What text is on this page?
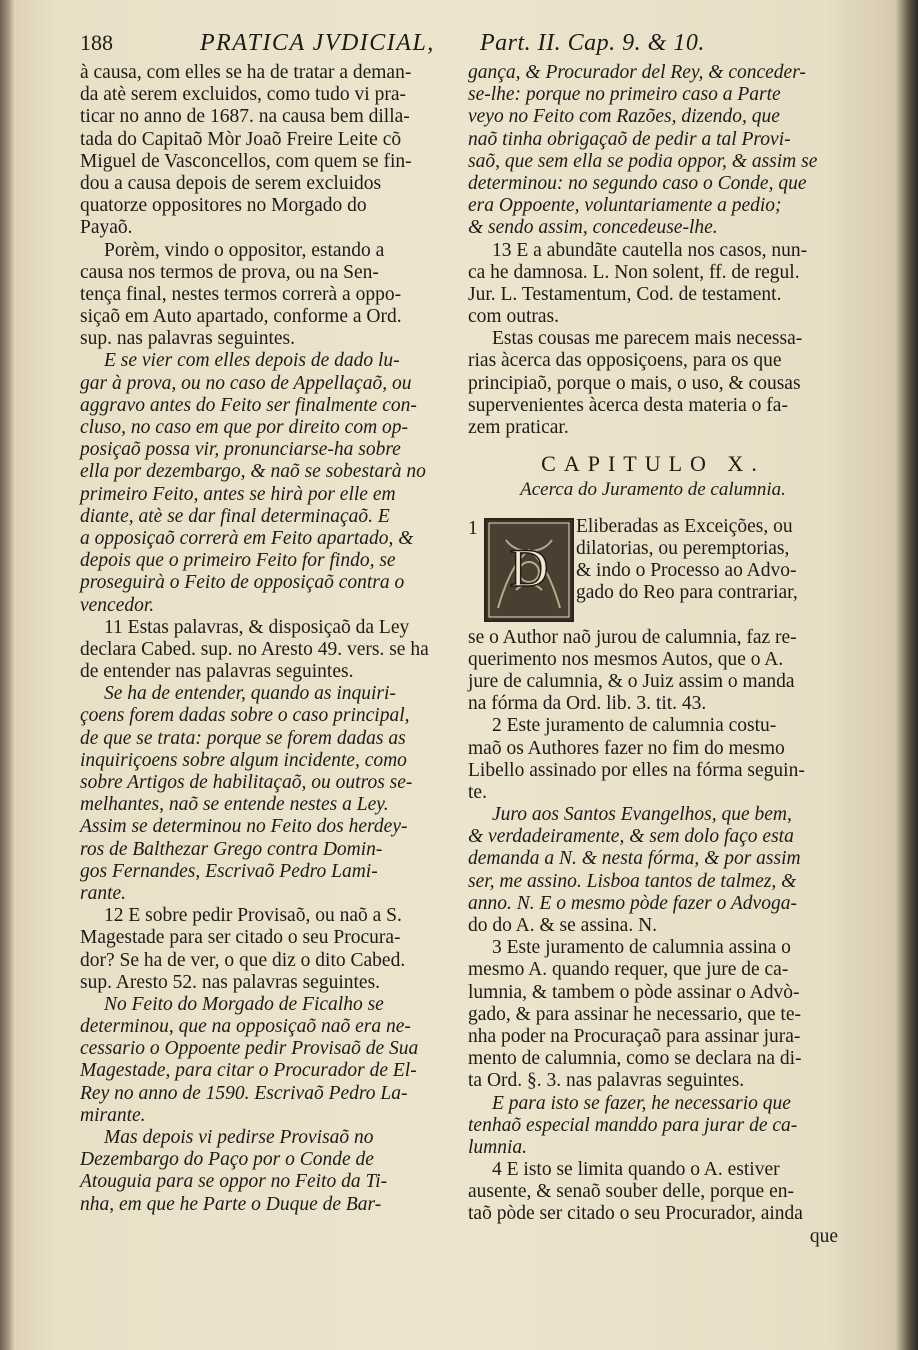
188	PRATICA JVDICIAL, Part. II. Cap. 9. & 10.
à causa, com elles se ha de tratar a deman-
da atè serem excluidos, como tudo vi pra-
ticar no anno de 1687. na causa bem dilla-
tada do Capitaõ Mòr Joaõ Freire Leite cõ
Miguel de Vasconcellos, com quem se fin-
dou a causa depois de serem excluidos
quatorze oppositores no Morgado do
Payaõ.
Porèm, vindo o oppositor, estando a
causa nos termos de prova, ou na Sen-
tença final, nestes termos correrà a oppo-
siçaõ em Auto apartado, conforme a Ord.
sup. nas palavras seguintes.
E se vier com elles depois de dado lu-
gar à prova, ou no caso de Appellaçaõ, ou
aggravo antes do Feito ser finalmente con-
cluso, no caso em que por direito com op-
posiçaõ possa vir, pronunciarse-ha sobre
ella por dezembargo, & naõ se sobestarà no
primeiro Feito, antes se hirà por elle em
diante, atè se dar final determinaçaõ. E
a opposiçaõ correrà em Feito apartado, &
depois que o primeiro Feito for findo, se
proseguirà o Feito de opposiçaõ contra o
vencedor.
11 Estas palavras, & disposiçaõ da Ley
declara Cabed. sup. no Aresto 49. vers. se ha
de entender nas palavras seguintes.
Se ha de entender, quando as inquiri-
çoens forem dadas sobre o caso principal,
de que se trata: porque se forem dadas as
inquiriçoens sobre algum incidente, como
sobre Artigos de habilitaçaõ, ou outros se-
melhantes, naõ se entende nestes a Ley.
Assim se determinou no Feito dos herdey-
ros de Balthezar Grego contra Domin-
gos Fernandes, Escrivaõ Pedro Lami-
rante.
12 E sobre pedir Provisaõ, ou naõ a S.
Magestade para ser citado o seu Procura-
dor? Se ha de ver, o que diz o dito Cabed.
sup. Aresto 52. nas palavras seguintes.
No Feito do Morgado de Ficalho se
determinou, que na opposiçaõ naõ era ne-
cessario o Oppoente pedir Provisaõ de Sua
Magestade, para citar o Procurador de El-
Rey no anno de 1590. Escrivaõ Pedro La-
mirante.
Mas depois vi pedirse Provisaõ no
Dezembargo do Paço por o Conde de
Atouguia para se oppor no Feito da Ti-
nha, em que he Parte o Duque de Bar-
gança, & Procurador del Rey, & conceder-
se-lhe: porque no primeiro caso a Parte
veyo no Feito com Razões, dizendo, que
naõ tinha obrigaçaõ de pedir a tal Provi-
saõ, que sem ella se podia oppor, & assim se
determinou: no segundo caso o Conde, que
era Oppoente, voluntariamente a pedio;
& sendo assim, concedeuse-lhe.
13 E a abundãte cautella nos casos, nun-
ca he damnosa. L. Non solent, ff. de regul.
Jur. L. Testamentum, Cod. de testament.
com outras.
Estas cousas me parecem mais necessa-
rias àcerca das opposiçoens, para os que
principiaõ, porque o mais, o uso, & cousas
supervenientes àcerca desta materia o fa-
zem praticar.
CAPITULO X.
Acerca do Juramento de calumnia.
1
D
Eliberadas as Exceições, ou
dilatorias, ou peremptorias,
& indo o Processo ao Advo-
gado do Reo para contrariar,
se o Author naõ jurou de calumnia, faz re-
querimento nos mesmos Autos, que o A.
jure de calumnia, & o Juiz assim o manda
na fórma da Ord. lib. 3. tit. 43.
2 Este juramento de calumnia costu-
maõ os Authores fazer no fim do mesmo
Libello assinado por elles na fórma seguin-
te.
Juro aos Santos Evangelhos, que bem,
& verdadeiramente, & sem dolo faço esta
demanda a N. & nesta fórma, & por assim
ser, me assino. Lisboa tantos de talmez, &
anno. N. E o mesmo pòde fazer o Advoga-
do do A. & se assina. N.
3 Este juramento de calumnia assina o
mesmo A. quando requer, que jure de ca-
lumnia, & tambem o pòde assinar o Advò-
gado, & para assinar he necessario, que te-
nha poder na Procuraçaõ para assinar jura-
mento de calumnia, como se declara na di-
ta Ord. §. 3. nas palavras seguintes.
E para isto se fazer, he necessario que
tenhaõ especial manddo para jurar de ca-
lumnia.
4 E isto se limita quando o A. estiver
ausente, & senaõ souber delle, porque en-
taõ pòde ser citado o seu Procurador, ainda
que
